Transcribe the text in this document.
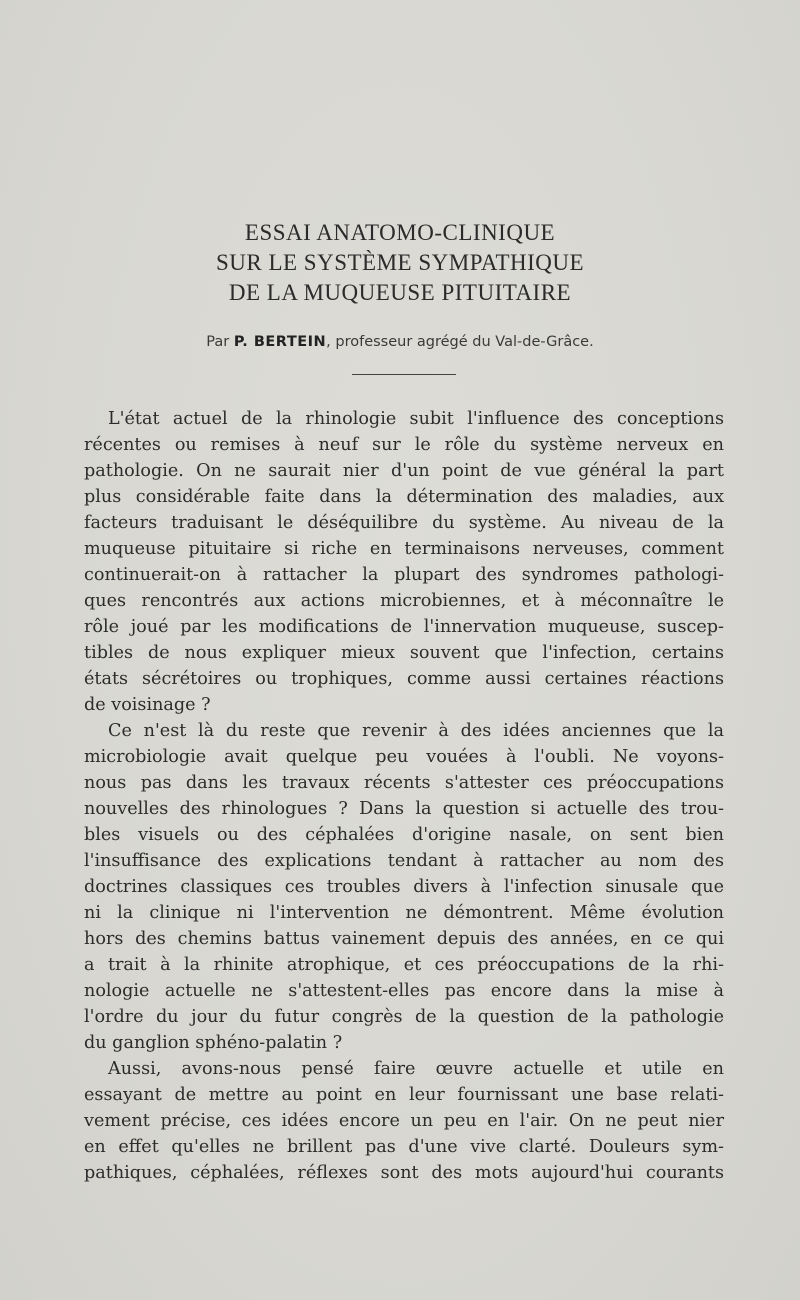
ESSAI ANATOMO-CLINIQUE
SUR LE SYSTÈME SYMPATHIQUE
DE LA MUQUEUSE PITUITAIRE
Par P. BERTEIN, professeur agrégé du Val-de-Grâce.
L'état actuel de la rhinologie subit l'influence des conceptions
récentes ou remises à neuf sur le rôle du système nerveux en
pathologie. On ne saurait nier d'un point de vue général la part
plus considérable faite dans la détermination des maladies, aux
facteurs traduisant le déséquilibre du système. Au niveau de la
muqueuse pituitaire si riche en terminaisons nerveuses, comment
continuerait-on à rattacher la plupart des syndromes pathologi-
ques rencontrés aux actions microbiennes, et à méconnaître le
rôle joué par les modifications de l'innervation muqueuse, suscep-
tibles de nous expliquer mieux souvent que l'infection, certains
états sécrétoires ou trophiques, comme aussi certaines réactions
de voisinage ?
Ce n'est là du reste que revenir à des idées anciennes que la
microbiologie avait quelque peu vouées à l'oubli. Ne voyons-
nous pas dans les travaux récents s'attester ces préoccupations
nouvelles des rhinologues ? Dans la question si actuelle des trou-
bles visuels ou des céphalées d'origine nasale, on sent bien
l'insuffisance des explications tendant à rattacher au nom des
doctrines classiques ces troubles divers à l'infection sinusale que
ni la clinique ni l'intervention ne démontrent. Même évolution
hors des chemins battus vainement depuis des années, en ce qui
a trait à la rhinite atrophique, et ces préoccupations de la rhi-
nologie actuelle ne s'attestent-elles pas encore dans la mise à
l'ordre du jour du futur congrès de la question de la pathologie
du ganglion sphéno-palatin ?
Aussi, avons-nous pensé faire œuvre actuelle et utile en
essayant de mettre au point en leur fournissant une base relati-
vement précise, ces idées encore un peu en l'air. On ne peut nier
en effet qu'elles ne brillent pas d'une vive clarté. Douleurs sym-
pathiques, céphalées, réflexes sont des mots aujourd'hui courants
